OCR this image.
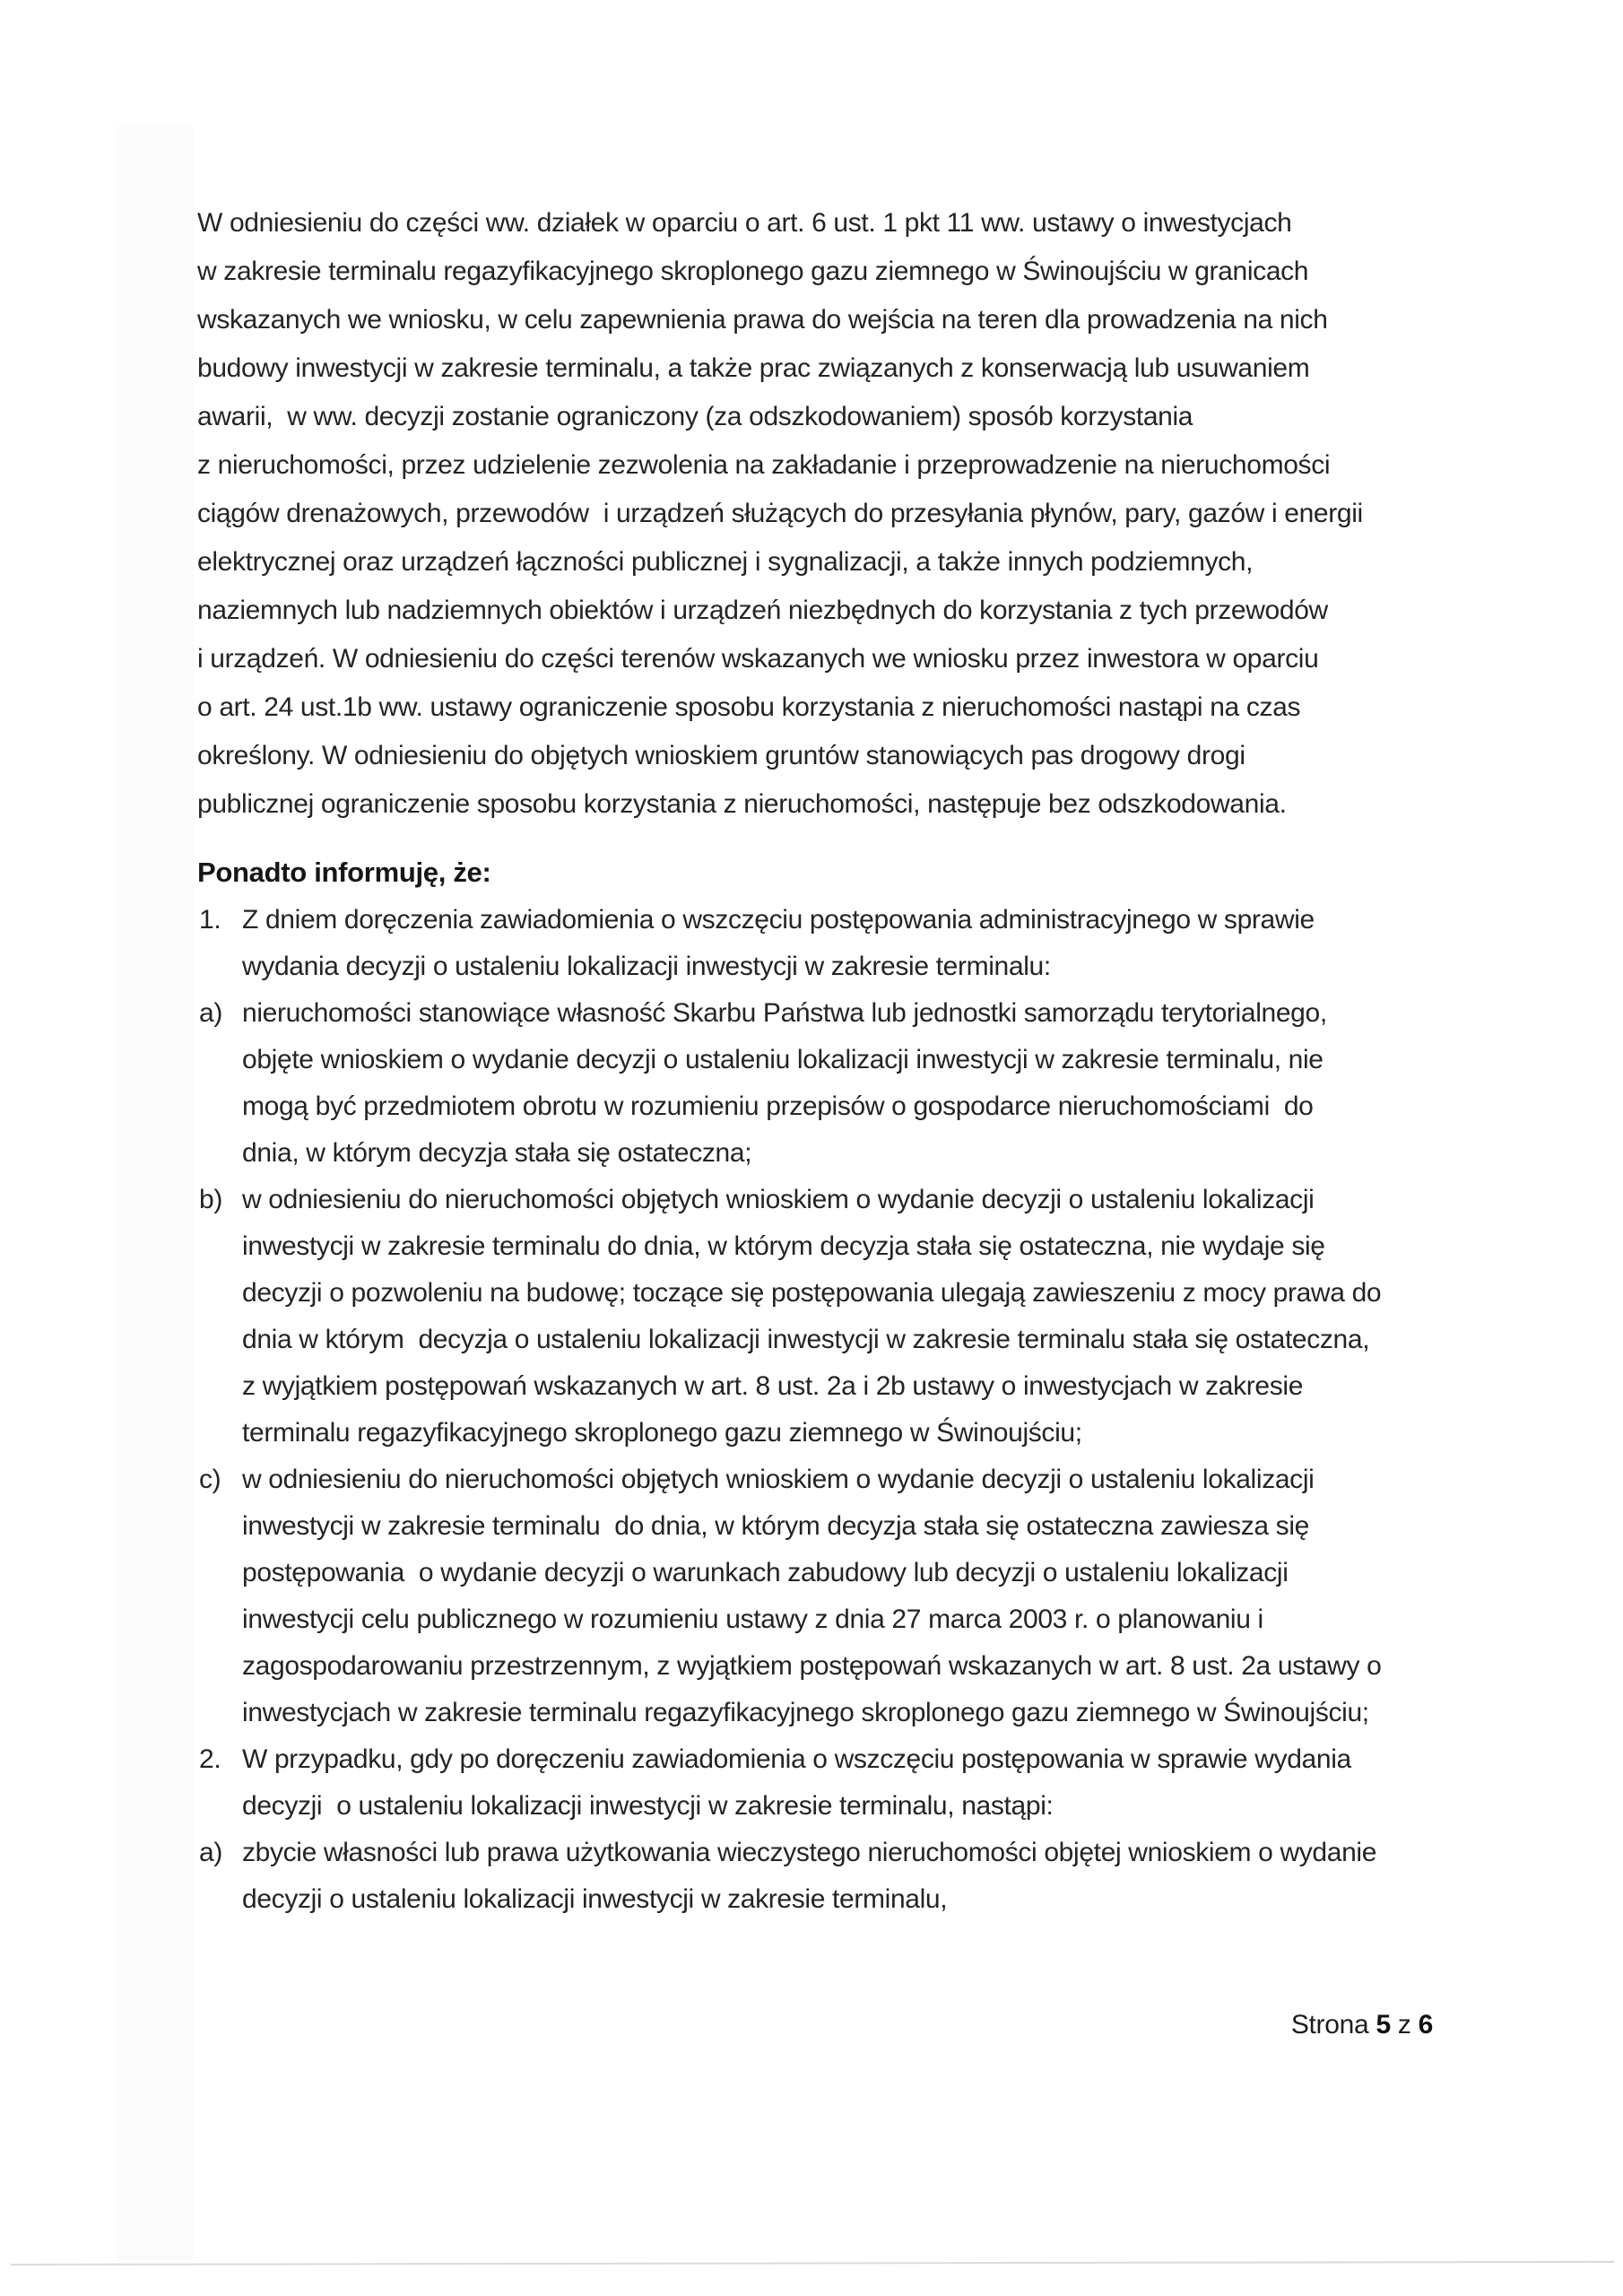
W odniesieniu do części ww. działek w oparciu o art. 6 ust. 1 pkt 11 ww. ustawy o inwestycjach
w zakresie terminalu regazyfikacyjnego skroplonego gazu ziemnego w Świnoujściu w granicach
wskazanych we wniosku, w celu zapewnienia prawa do wejścia na teren dla prowadzenia na nich
budowy inwestycji w zakresie terminalu, a także prac związanych z konserwacją lub usuwaniem
awarii,  w ww. decyzji zostanie ograniczony (za odszkodowaniem) sposób korzystania
z nieruchomości, przez udzielenie zezwolenia na zakładanie i przeprowadzenie na nieruchomości
ciągów drenażowych, przewodów  i urządzeń służących do przesyłania płynów, pary, gazów i energii
elektrycznej oraz urządzeń łączności publicznej i sygnalizacji, a także innych podziemnych,
naziemnych lub nadziemnych obiektów i urządzeń niezbędnych do korzystania z tych przewodów
i urządzeń. W odniesieniu do części terenów wskazanych we wniosku przez inwestora w oparciu
o art. 24 ust.1b ww. ustawy ograniczenie sposobu korzystania z nieruchomości nastąpi na czas
określony. W odniesieniu do objętych wnioskiem gruntów stanowiących pas drogowy drogi
publicznej ograniczenie sposobu korzystania z nieruchomości, następuje bez odszkodowania.
Ponadto informuję, że:
1. Z dniem doręczenia zawiadomienia o wszczęciu postępowania administracyjnego w sprawie
wydania decyzji o ustaleniu lokalizacji inwestycji w zakresie terminalu:
a) nieruchomości stanowiące własność Skarbu Państwa lub jednostki samorządu terytorialnego,
objęte wnioskiem o wydanie decyzji o ustaleniu lokalizacji inwestycji w zakresie terminalu, nie
mogą być przedmiotem obrotu w rozumieniu przepisów o gospodarce nieruchomościami  do
dnia, w którym decyzja stała się ostateczna;
b) w odniesieniu do nieruchomości objętych wnioskiem o wydanie decyzji o ustaleniu lokalizacji
inwestycji w zakresie terminalu do dnia, w którym decyzja stała się ostateczna, nie wydaje się
decyzji o pozwoleniu na budowę; toczące się postępowania ulegają zawieszeniu z mocy prawa do
dnia w którym  decyzja o ustaleniu lokalizacji inwestycji w zakresie terminalu stała się ostateczna,
z wyjątkiem postępowań wskazanych w art. 8 ust. 2a i 2b ustawy o inwestycjach w zakresie
terminalu regazyfikacyjnego skroplonego gazu ziemnego w Świnoujściu;
c) w odniesieniu do nieruchomości objętych wnioskiem o wydanie decyzji o ustaleniu lokalizacji
inwestycji w zakresie terminalu  do dnia, w którym decyzja stała się ostateczna zawiesza się
postępowania  o wydanie decyzji o warunkach zabudowy lub decyzji o ustaleniu lokalizacji
inwestycji celu publicznego w rozumieniu ustawy z dnia 27 marca 2003 r. o planowaniu i
zagospodarowaniu przestrzennym, z wyjątkiem postępowań wskazanych w art. 8 ust. 2a ustawy o
inwestycjach w zakresie terminalu regazyfikacyjnego skroplonego gazu ziemnego w Świnoujściu;
2. W przypadku, gdy po doręczeniu zawiadomienia o wszczęciu postępowania w sprawie wydania
decyzji  o ustaleniu lokalizacji inwestycji w zakresie terminalu, nastąpi:
a) zbycie własności lub prawa użytkowania wieczystego nieruchomości objętej wnioskiem o wydanie
decyzji o ustaleniu lokalizacji inwestycji w zakresie terminalu,

Strona 5 z 6
